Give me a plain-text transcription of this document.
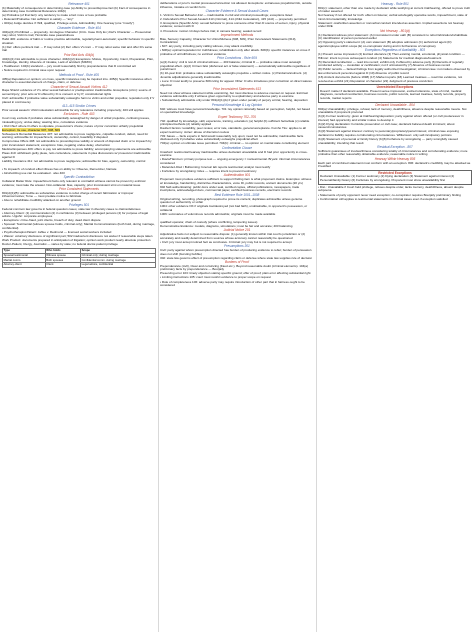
Relevance 401

(b) Materiality of consequence in determining case (a) Ability to prove/disprove fact (b) Fact of consequence in determining case Conditional Relevance 104(b)

(a) Probative (of that fact): any tendency to make a fact more or less probable

• Relevant/Probative: Not sufficient to satisfy — "any"

• 404(a) Judge decides if: Will, qualified, Privilege exists, Admissibility, One hearsay (one "mostly")

Character Evidence - Rule 404

404(a)(1) Prohibited — propensity. 1st degree Character (Crim. Case Only Ex.) Def's Character — Prosecution may rebut; Victim's trait; Homicide case peacefulness

Habit 406: evidence of habit or routine practice admissible, regularity/semi-automatic; specific behavior in specific situation

(1) Def. offers pertinent trait → P may rebut (2) Def. offers V's trait → P may rebut same trait and offer D's same trait

Prior Bad Acts 404(b)

404(b)(1) Not admissible to prove character. 404(b)(2) Exceptions: Motive, Opportunity, Intent, Preparation, Plan, Knowledge, Identity, Absence of mistake, Lack of accident (MIMIC)

• Huddleston: 104(b) standard — jury could reasonably find by preponderance that D committed act

• Notice required in criminal case upon request

Methods of Proof - Rule 405

405(a) Reputation or opinion; on cross, specific instances may be inquired into. 405(b) Specific instances when character is essential element of charge, claim, or defense

Character of Sexual Assault Victims 412

Rape Shield: evidence of V's other sexual behavior or predisposition inadmissible. Exceptions (crim): source of semen/injury; prior acts w/ D offered by D re consent or by P; constitutional rights

Civil: admissible if probative value substantially outweighs harm to victim and unfair prejudice; reputation only if V placed in controversy

413–415 Similar Crimes

Prior sexual assault / child molestation admissible for any relevance including propensity; 403 still applies

Exclusions - Rule 403

Court may exclude if probative value substantially outweighed by danger of unfair prejudice, confusing issues, misleading jury, undue delay, wasting time, cumulative evidence

• Old Chief: where D offers to stipulate, prosecution's choice; nature of prior conviction unfairly prejudicial

Exception: Its use, character 607, 608, 609

Subsequent Remedial Measures 407: not admissible to prove negligence, culpable conduct, defect, need for warning; admissible for impeachment, ownership, control, feasibility if disputed

Compromise Offers 408: not admissible to prove/disprove validity or amount of disputed claim or to impeach by prior inconsistent statement; exceptions: bias, negating undue delay, obstruction

Medical Expenses 409: offers to pay not admissible to prove liability; accompanying statements are admissible

Pleas 410: withdrawn guilty pleas, nolo contendere, statements in plea discussions w/ prosecutor inadmissible against D

Liability Insurance 411: not admissible to prove negligence; admissible for bias, agency, ownership, control

• To impeach: of conduct effect illness has on ability to: Observe, Remember, Narrate

• Alcohol/drug use can be evaluated · also 403

Specific Contradiction

Collateral Matter Rule: impeachment facts only relevant to contradict witness cannot be proven by extrinsic evidence; must take the answer. Non-collateral: bias, capacity, prior inconsistent stmt on material issue

Prior Consistent Statements

801(d)(1)(B): admissible as substantive evidence to rebut charge of recent fabrication or improper influence/motive; Tome — must predate motive to fabricate

• Also to rehabilitate credibility attacked on another ground

Privileges 501

Federal common law governs in federal question cases; state law in diversity cases re claims/defenses

• Attorney-Client: (1) communication (2) in confidence (3) between privileged persons (4) for purpose of legal advice. Upjohn: corporate employees

• Exceptions: crime-fraud, joint clients, breach of duty, dead client dispute

• Spousal: Testimonial (witness spouse holds, criminal only); Marital Communications (both hold, during marriage, confidential)

• Psychotherapist-Patient: Jaffee v. Redmond — licensed social workers included

• Waiver: voluntary disclosure of significant part; 502 inadvertent disclosure not waiver if reasonable steps taken

Work Product: documents prepared in anticipation of litigation; opinion work product nearly absolute protection

Doctor-Patient, Clergy, Journalist — varies by state; no federal doctor-patient privilege

Type	Who holds	Scope
Spousal testimonial	Witness spouse	Criminal only; during marriage
Marital comm.	Both spouses	Confidential comm. during marriage
Attorney-client	Client	Legal advice, confidential

deliberations or juror's mental processes/connection not allowed. Exceptions: extraneous prejudicial info, outside influence, mistake on verdict form

Character Evidence & Sexual Assault Cases

1. Victim's Sexual Behavior 412 — inadmissible in civil and criminal proceedings; exceptions listed

2. Defendant's Prior Sexual Assault 413 (criminal), 414 (child molestation), 415 (civil) — propensity permitted

3. Exceptions (Specific Acts): sexual behavior to prove someone other than D source of semen, injury, physical evidence; consent with D

4. Procedure: motion 14 days before trial; in camera hearing; sealed record

Impeachment Methods

Bias, Sensory Capacity, Character for Untruthfulness (608, 609), Prior Inconsistent Statements (613), Contradiction

• 607: any party, including party calling witness, may attack credibility

• 608(a): opinion/reputation for truthfulness; rehabilitation only after attack. 608(b): specific instances on cross if probative of untruthfulness; no extrinsic evidence

Prior Convictions - Rule 609

(a)(1) Felony: civil & non-D criminal witness — 403 balance; criminal D — probative value must outweigh prejudicial effect. (a)(2) Crimen falsi (dishonest act or false statement) — automatically admissible regardless of punishment

(b) 10-year limit: probative value substantially outweighs prejudice + written notice. (c) Pardon/annulment. (d) Juvenile adjudications generally inadmissible

• Luce: D must testify to preserve 609 ruling for appeal. Ohler: D who introduces prior conviction on direct waives objection

Prior Inconsistent Statements 613

Need not show witness statement while examining, but must disclose to adverse counsel on request. Extrinsic evidence admissible only if witness given opportunity to explain/deny and adverse party to examine

• Substantively admissible only under 801(d)(1)(A) if given under penalty of perjury at trial, hearing, deposition

Personal Knowledge & Lay Opinion

602: witness must have personal knowledge. 701: lay opinion rationally based on perception, helpful, not based on specialized knowledge

Expert Testimony 702–705

702: qualified by knowledge, skill, experience, training, education; (a) helpful (b) sufficient facts/data (c) reliable principles/methods (d) reliably applied

Daubert factors: testability, peer review, error rate, standards, general acceptance. Kumho Tire: applies to all expert testimony. Joiner: abuse of discretion review

703: bases — facts experts in field would reasonably rely upon; need not be admissible; inadmissible facts disclosed only if probative value substantially outweighs prejudicial effect

704(a): opinion on ultimate issue permitted. 704(b): criminal — no opinion on mental state constituting element

Confrontation Clause

Crawford: testimonial hearsay inadmissible unless declarant unavailable and D had prior opportunity to cross-examine

• Davis/Hammon: primary purpose test — ongoing emergency = nontestimonial. Bryant: informal circumstances considered

• Melendez-Diaz / Bullcoming: forensic lab reports testimonial; analyst must testify

• Forfeiture by wrongdoing: Giles — requires intent to prevent testimony

Authentication 901

Proponent must produce evidence sufficient to support finding item is what proponent claims. Examples: witness w/ knowledge, handwriting, distinctive characteristics, voice ID, public records, ancient documents (20 yrs)

902 Self-authenticating: public docs under seal, certified copies, official publications, newspapers, trade inscriptions, acknowledged docs, commercial paper, certified business records, electronic records

Best Evidence Rule 1001–1008

Original writing, recording, photograph required to prove its content; duplicates admissible unless genuine question of authenticity or unfair

1004: other evidence OK if originals lost/destroyed (not bad faith), unobtainable, in opponent's possession, or collateral

1006: summaries of voluminous records admissible; originals must be made available

qualified operator, chain of custody (where conflicting, tampering issues)

Demonstrative Evidence: models, diagrams, simulations; must be fair and accurate; 403 balancing

Judicial Notice 201

Adjudicative facts not subject to reasonable dispute: (1) generally known within trial court's jurisdiction or (2) accurately and readily determined from sources whose accuracy cannot reasonably be questioned

• Civil: jury must accept noticed fact as conclusive. Criminal: jury may but is not required to accept

Presumptions 301

Civil: party against whom presumption directed has burden of producing evidence to rebut; burden of persuasion does not shift (bursting bubble)

302: state law governs effect of presumption regarding claim or defense where state law supplies rule of decision

Burdens of Proof

Preponderance (civil), Clear and convincing (fraud etc.), Beyond reasonable doubt (criminal elements). 104(a) preliminary facts by preponderance — Bourjaily

Preserving error 103: timely objection stating specific ground; offer of proof; plain error affecting substantial right

• Limiting instructions 105: court must restrict evidence to proper scope on request

• Rule of completeness 106: adverse party may require introduction of other part that in fairness ought to be considered

Hearsay - Rule 801

801(c): statement, other than one made by declarant while testifying at current trial/hearing, offered to prove truth of matter asserted

Not hearsay if not offered for truth: effect on listener, verbal acts/legally operative words, impeachment, state of mind circumstantially, knowledge

Statement: oral/written assertion or nonverbal conduct intended as assertion. Implied assertions not hearsay under FRE

Not Hearsay - 801(d)

(1) Declarant-witness prior statement: (A) inconsistent under oath (B) consistent to rebut fabrication/rehabilitate (C) identification of person perceived earlier

(2) Opposing party's statement: (A) own statement (B) adoptive admission (C) authorized agent (D) agent/employee within scope (E) co-conspirator during and in furtherance of conspiracy

Exceptions Regardless of Availability - 803

(1) Present sense impression (2) Excited utterance (3) Then-existing mental, emotional, physical condition — Hillmon: intent to prove subsequent conduct (4) Statements for medical diagnosis/treatment

(5) Recorded recollection — read into record; exhibit only if offered by adverse party (6) Records of regularly conducted activity — custodian or certification; not if untrustworthy (7) Absence of business record

(8) Public records — factual findings from legally authorized investigation; criminal case: not matters observed by law enforcement personnel against D (10) Absence of public record

(16) Ancient documents (before 1998) (17) Market reports (18) Learned treatises — read into evidence, not received as exhibit (21) Reputation of character (22) Judgment of previous conviction

Unrestricted Exceptions

Doesn't matter if declarant available. Present sense impression, excited utterance, state of mind, medical diagnosis, recorded recollection, business records, public records, learned treatises, family records, property records, market reports

Declarant Unavailable - 804

804(a) Unavailability: privilege, refusal, lack of memory, death/illness, absence despite reasonable means. Not unavailable if proponent procured

(b)(1) Former testimony: given at trial/hearing/deposition; party against whom offered (or civil predecessor in interest) had opportunity and similar motive to develop it

(b)(2) Dying declaration: homicide prosecution or civil case; declarant believed death imminent; about cause/circumstances

(b)(3) Statement against interest: contrary to pecuniary/proprietary/penal interest; criminal case exposing declarant to liability requires corroborating circumstances. Williamson: only self-inculpatory portions

(b)(4) Statement of personal or family history (b)(6) Forfeiture by wrongdoing — party wrongfully caused unavailability, intending that result

Residual Exception - 807

Sufficient guarantees of trustworthiness considering totality of circumstances and corroborating evidence; more probative than other reasonably obtainable evidence; reasonable notice in writing

Hearsay Within Hearsay 805

Each part of combined statement must conform with an exception. 806: declarant's credibility may be attacked as if testified

Restricted Exceptions

Declarant Unavailable: (1) Former testimony (2) Dying declaration (3) Statement against interest (4) Personal/family history (6) Forfeiture by wrongdoing. Proponent must show unavailability first

• Dist.: Unavailable if Court held privilege, refuses despite order, lacks memory, death/illness, absent despite subpoena

• Statements of party opponent never need exception; co-conspirator requires Bourjaily preliminary finding

• Confrontation still applies to testimonial statements in criminal cases even if exception satisfied
